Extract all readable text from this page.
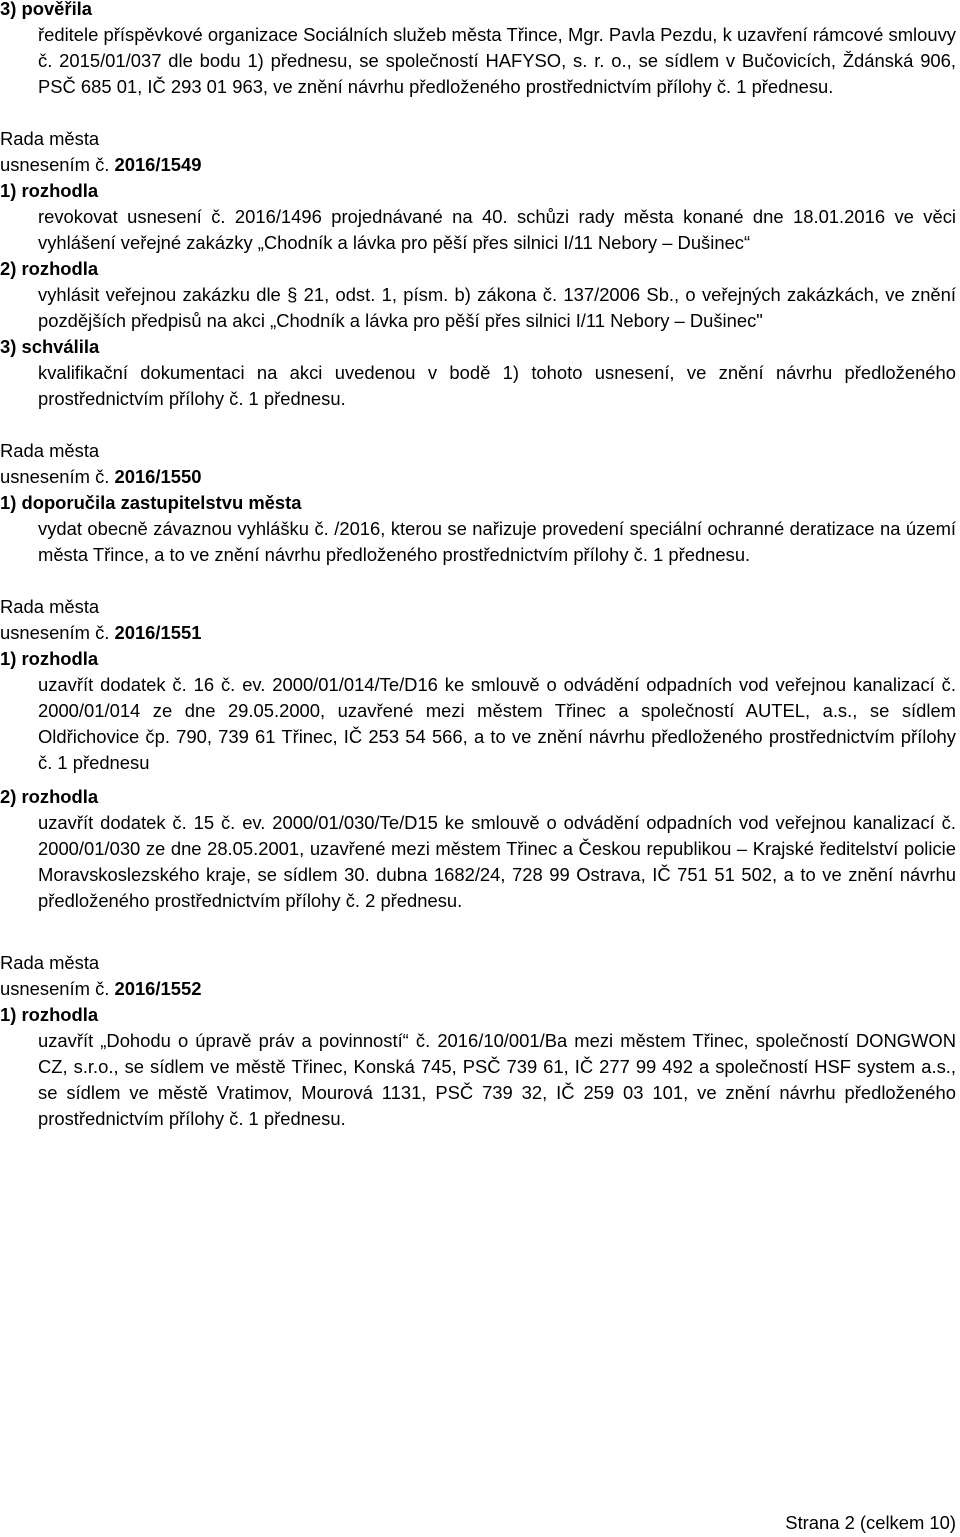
3) pověřila
ředitele příspěvkové organizace Sociálních služeb města Třince, Mgr. Pavla Pezdu, k uzavření rámcové smlouvy č. 2015/01/037 dle bodu 1) přednesu, se společností HAFYSO, s. r. o., se sídlem v Bučovicích, Ždánská 906, PSČ 685 01, IČ 293 01 963, ve znění návrhu předloženého prostřednictvím přílohy č. 1 přednesu.
Rada města
usnesením č. 2016/1549
1) rozhodla
revokovat usnesení č. 2016/1496 projednávané na 40. schůzi rady města konané dne 18.01.2016 ve věci vyhlášení veřejné zakázky „Chodník a lávka pro pěší přes silnici I/11 Nebory – Dušinec“
2) rozhodla
vyhlásit veřejnou zakázku dle § 21, odst. 1, písm. b) zákona č. 137/2006 Sb., o veřejných zakázkách, ve znění pozdějších předpisů na akci „Chodník a lávka pro pěší přes silnici I/11 Nebory – Dušinec"
3) schválila
kvalifikační dokumentaci na akci uvedenou v bodě 1) tohoto usnesení, ve znění návrhu předloženého prostřednictvím přílohy č. 1 přednesu.
Rada města
usnesením č. 2016/1550
1) doporučila zastupitelstvu města
vydat obecně závaznou vyhlášku č. /2016, kterou se nařizuje provedení speciální ochranné deratizace na území města Třince, a to ve znění návrhu předloženého prostřednictvím přílohy č. 1 přednesu.
Rada města
usnesením č. 2016/1551
1) rozhodla
uzavřít dodatek č. 16 č. ev. 2000/01/014/Te/D16 ke smlouvě o odvádění odpadních vod veřejnou kanalizací č. 2000/01/014 ze dne 29.05.2000, uzavřené mezi městem Třinec a společností AUTEL, a.s., se sídlem Oldřichovice čp. 790, 739 61 Třinec, IČ 253 54 566, a to ve znění návrhu předloženého prostřednictvím přílohy č. 1 přednesu
2) rozhodla
uzavřít dodatek č. 15 č. ev. 2000/01/030/Te/D15 ke smlouvě o odvádění odpadních vod veřejnou kanalizací č. 2000/01/030 ze dne 28.05.2001, uzavřené mezi městem Třinec a Českou republikou – Krajské ředitelství policie Moravskoslezského kraje, se sídlem 30. dubna 1682/24, 728 99 Ostrava, IČ 751 51 502, a to ve znění návrhu předloženého prostřednictvím přílohy č. 2 přednesu.
Rada města
usnesením č. 2016/1552
1) rozhodla
uzavřít „Dohodu o úpravě práv a povinností“ č. 2016/10/001/Ba mezi městem Třinec, společností DONGWON CZ, s.r.o., se sídlem ve městě Třinec, Konská 745, PSČ 739 61, IČ 277 99 492 a společností HSF system a.s., se sídlem ve městě Vratimov, Mourová 1131, PSČ 739 32, IČ 259 03 101, ve znění návrhu předloženého prostřednictvím přílohy č. 1 přednesu.
Strana 2 (celkem 10)
